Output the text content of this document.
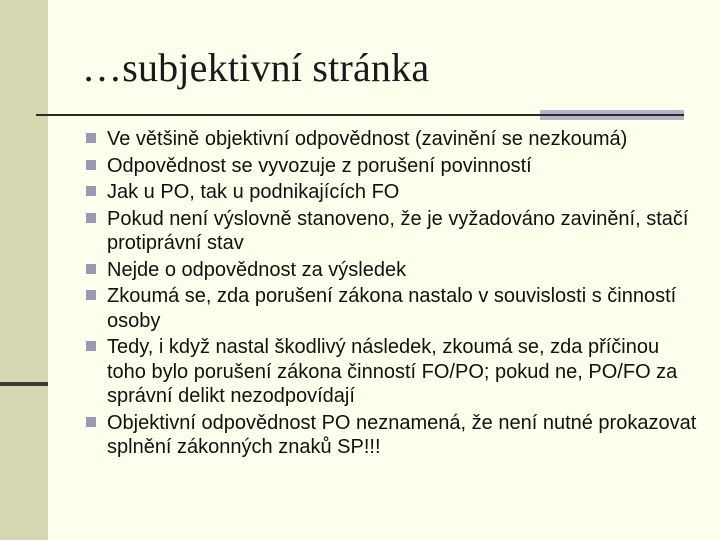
…subjektivní stránka
Ve většině objektivní odpovědnost (zavinění se nezkoumá)
Odpovědnost se vyvozuje z porušení povinností
Jak u PO, tak u podnikajících FO
Pokud není výslovně stanoveno, že je vyžadováno zavinění, stačí protiprávní stav
Nejde o odpovědnost za výsledek
Zkoumá se, zda porušení zákona nastalo v souvislosti s činností osoby
Tedy, i když nastal škodlivý následek, zkoumá se, zda příčinou toho bylo porušení zákona činností FO/PO; pokud ne, PO/FO za správní delikt nezodpovídají
Objektivní odpovědnost PO neznamená, že není nutné prokazovat splnění zákonných znaků SP!!!
